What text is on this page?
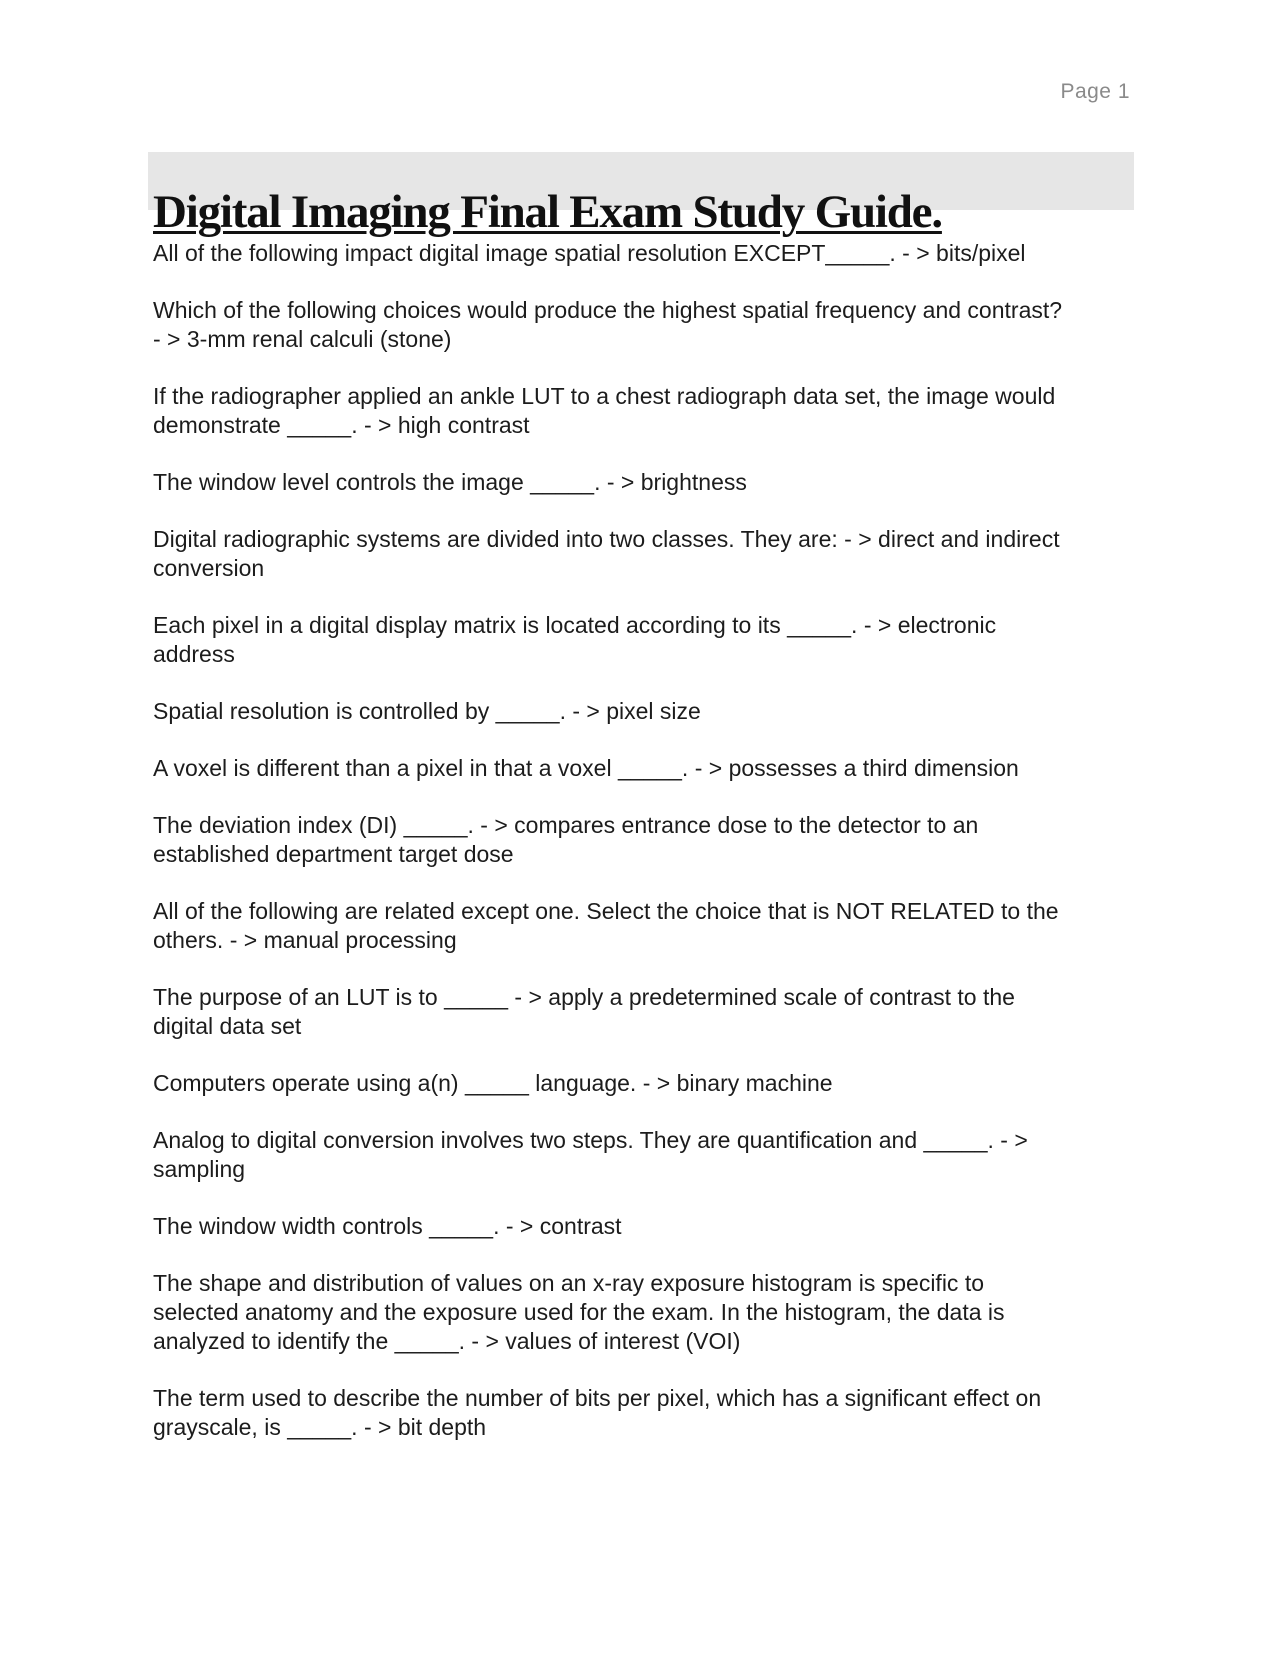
Page 1
Digital Imaging Final Exam Study Guide.

All of the following impact digital image spatial resolution EXCEPT_____. - > bits/pixel

Which of the following choices would produce the highest spatial frequency and contrast?
- > 3-mm renal calculi (stone)

If the radiographer applied an ankle LUT to a chest radiograph data set, the image would
demonstrate _____. - > high contrast

The window level controls the image _____. - > brightness

Digital radiographic systems are divided into two classes. They are: - > direct and indirect
conversion

Each pixel in a digital display matrix is located according to its _____. - > electronic
address

Spatial resolution is controlled by _____. - > pixel size

A voxel is different than a pixel in that a voxel _____. - > possesses a third dimension

The deviation index (DI) _____. - > compares entrance dose to the detector to an
established department target dose

All of the following are related except one. Select the choice that is NOT RELATED to the
others. - > manual processing

The purpose of an LUT is to _____ - > apply a predetermined scale of contrast to the
digital data set

Computers operate using a(n) _____ language. - > binary machine

Analog to digital conversion involves two steps. They are quantification and _____. - >
sampling

The window width controls _____. - > contrast

The shape and distribution of values on an x-ray exposure histogram is specific to
selected anatomy and the exposure used for the exam. In the histogram, the data is
analyzed to identify the _____. - > values of interest (VOI)

The term used to describe the number of bits per pixel, which has a significant effect on
grayscale, is _____. - > bit depth
